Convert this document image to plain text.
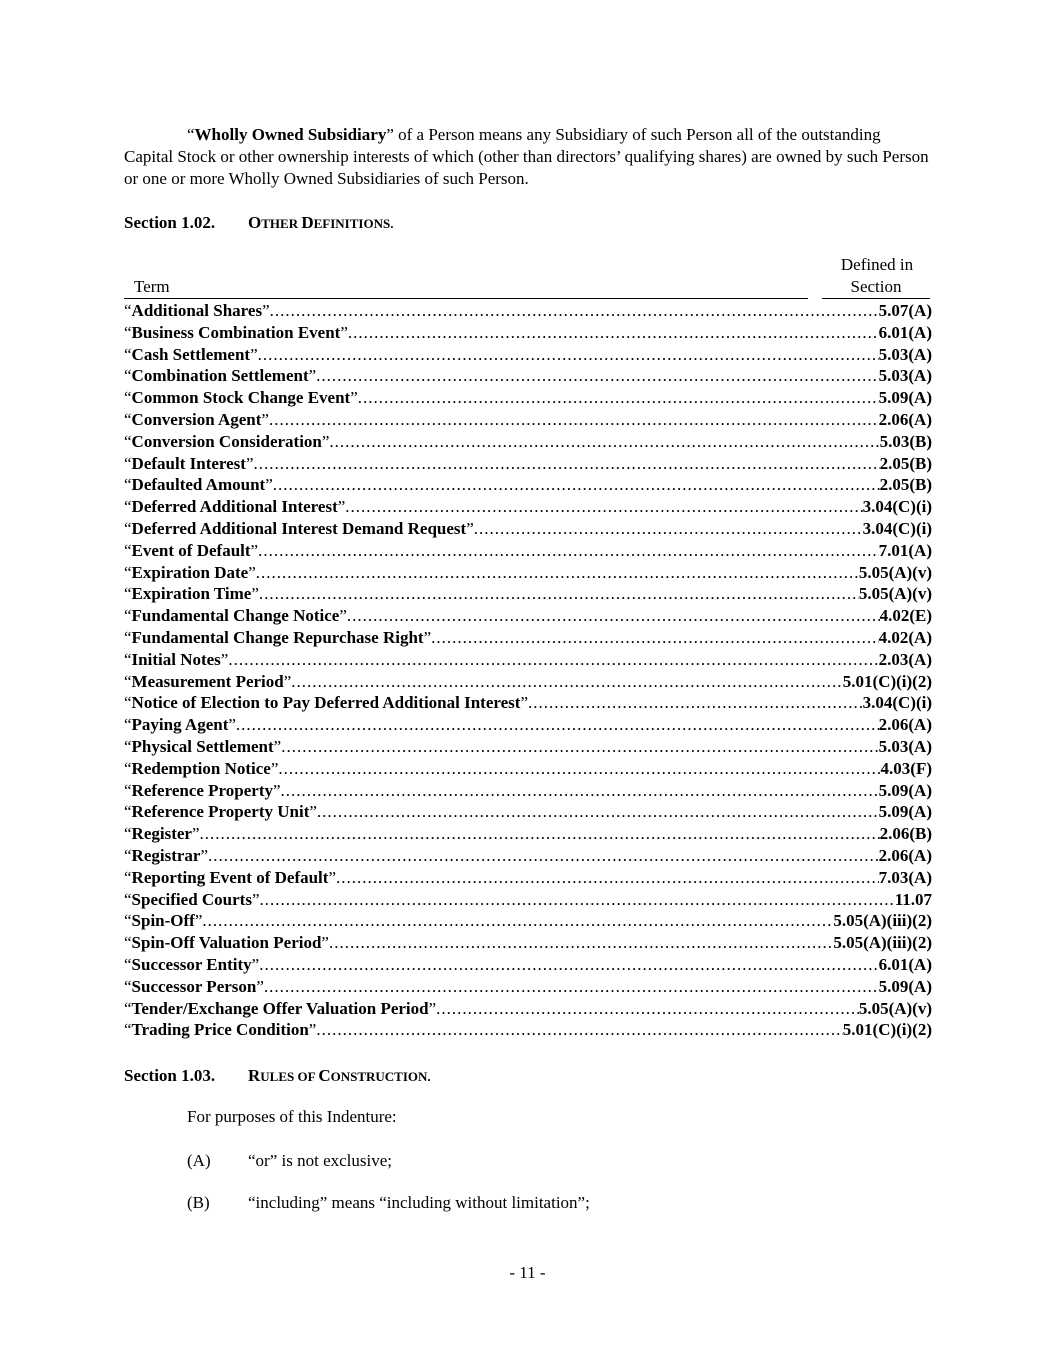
“Wholly Owned Subsidiary” of a Person means any Subsidiary of such Person all of the outstanding Capital Stock or other ownership interests of which (other than directors’ qualifying shares) are owned by such Person or one or more Wholly Owned Subsidiaries of such Person.
Section 1.02. OTHER DEFINITIONS.
Defined in
Section
Term
“Additional Shares” .....	5.07(A)
“Business Combination Event” .....	6.01(A)
“Cash Settlement” .....	5.03(A)
“Combination Settlement” .....	5.03(A)
“Common Stock Change Event” .....	5.09(A)
“Conversion Agent” .....	2.06(A)
“Conversion Consideration” .....	5.03(B)
“Default Interest” .....	2.05(B)
“Defaulted Amount” .....	2.05(B)
“Deferred Additional Interest” .....	3.04(C)(i)
“Deferred Additional Interest Demand Request” .....	3.04(C)(i)
“Event of Default” .....	7.01(A)
“Expiration Date” .....	5.05(A)(v)
“Expiration Time” .....	5.05(A)(v)
“Fundamental Change Notice” .....	4.02(E)
“Fundamental Change Repurchase Right” .....	4.02(A)
“Initial Notes” .....	2.03(A)
“Measurement Period” .....	5.01(C)(i)(2)
“Notice of Election to Pay Deferred Additional Interest” .....	3.04(C)(i)
“Paying Agent” .....	2.06(A)
“Physical Settlement” .....	5.03(A)
“Redemption Notice” .....	4.03(F)
“Reference Property” .....	5.09(A)
“Reference Property Unit” .....	5.09(A)
“Register” .....	2.06(B)
“Registrar” .....	2.06(A)
“Reporting Event of Default” .....	7.03(A)
“Specified Courts” .....	11.07
“Spin-Off” .....	5.05(A)(iii)(2)
“Spin-Off Valuation Period” .....	5.05(A)(iii)(2)
“Successor Entity” .....	6.01(A)
“Successor Person” .....	5.09(A)
“Tender/Exchange Offer Valuation Period” .....	5.05(A)(v)
“Trading Price Condition” .....	5.01(C)(i)(2)
Section 1.03. RULES OF CONSTRUCTION.
For purposes of this Indenture:
(A) “or” is not exclusive;
(B) “including” means “including without limitation”;
- 11 -
